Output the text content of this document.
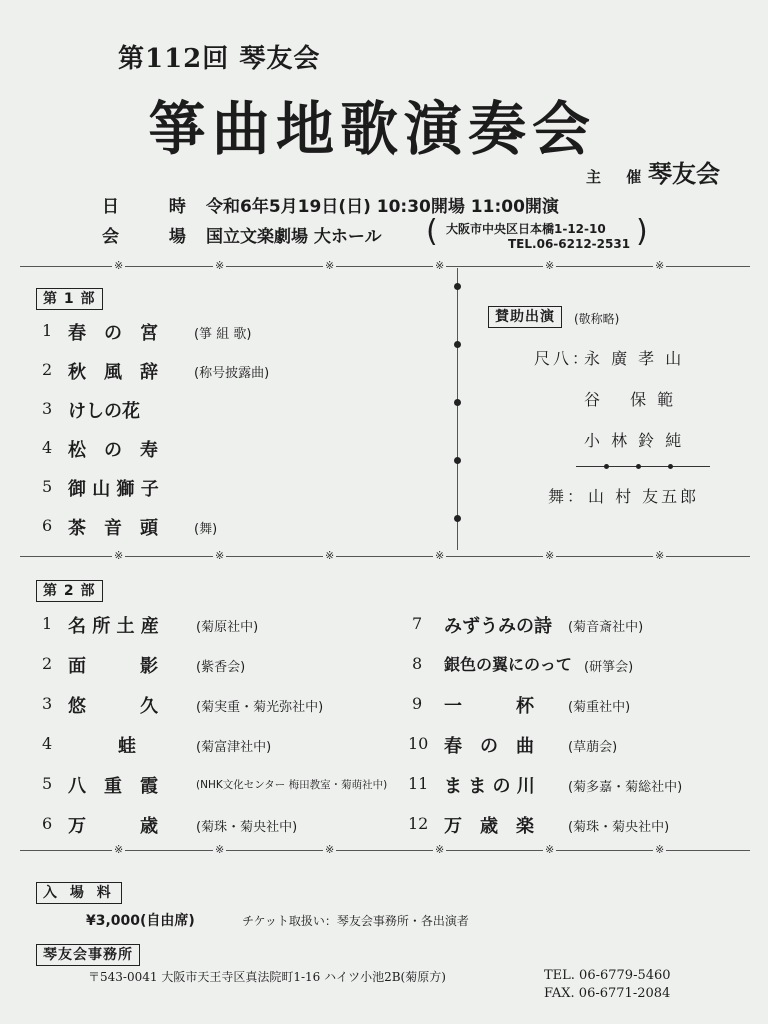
第112回 琴友会
箏曲地歌演奏会
主 催
琴友会
日 時
令和6年5月19日(日) 10:30開場 11:00開演
会 場
国立文楽劇場 大ホール ( 大阪市中央区日本橋1-12-10
TEL.06-6212-2531 )
※	※	※	※	※	※
第 1 部
1 春　の　宮	(箏 組 歌)
2 秋　風　辞	(称号披露曲)
3 けしの花
4 松　の　寿
5 御 山 獅 子
6 茶　音　頭	(舞)
賛助出演	(敬称略)
尺八：
永 廣 孝 山
谷　 保 範
小 林 鈴 純
舞： 山 村 友五郎
※	※	※	※	※	※
第 2 部
1 名 所 土 産	(菊原社中)
2 面　　　影	(紫香会)
3 悠　　　久	(菊実重・菊光弥社中)
4	蛙	(菊富津社中)
5 八　重　霞	(NHK文化センター 梅田教室・菊萌社中)
6 万　　　歳	(菊珠・菊央社中)
7 みずうみの詩 (菊音斎社中)
8 銀色の翼にのって (研箏会)
9 一　　　杯	(菊重社中)
10 春　の　曲	(草萠会)
11 ま ま の 川	(菊多嘉・菊総社中)
12 万　歳　楽	(菊珠・菊央社中)
※	※	※	※	※	※
入 場 料
¥3,000(自由席)	チケット取扱い：琴友会事務所・各出演者
琴友会事務所
〒543-0041 大阪市天王寺区真法院町1-16 ハイツ小池2B(菊原方)	TEL. 06-6779-5460
FAX. 06-6771-2084
